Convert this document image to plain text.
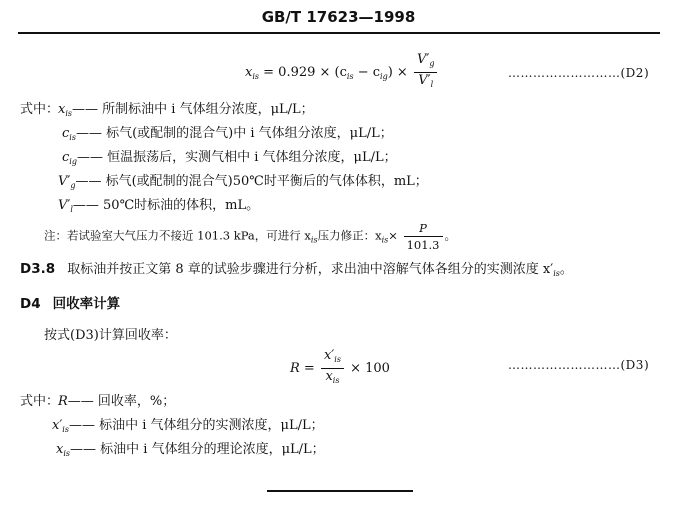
GB/T 17623—1998
$x_{is} = 0.929 \times (c_{is} - c_{ig}) \times \frac{V'_g}{V'_l}$	………………………(D2)
式中：
$x_{is}——$ 所制标油中 i 气体组分浓度，μL/L；
$c_{is}——$ 标气(或配制的混合气)中 i 气体组分浓度，μL/L；
$c_{ig}——$ 恒温振荡后，实测气相中 i 气体组分浓度，μL/L；
$V'_g——$ 标气(或配制的混合气)50℃时平衡后的气体体积，mL；
$V'_l——$ 50℃时标油的体积，mL。
注：若试验室大气压力不接近 101.3 kPa，可进行 $x_{is}$压力修正：$x_{is}\times \frac{P}{101.3}$ 。
D3.8 取标油并按正文第 8 章的试验步骤进行分析，求出油中溶解气体各组分的实测浓度 $x'_{is}$。
D4 回收率计算
按式(D3)计算回收率：
$R = \frac{x'_{is}}{x_{is}} \times 100$	………………………(D3)
式中：
R—— 回收率，%；
$x'_{is}——$ 标油中 i 气体组分的实测浓度，μL/L；
$x_{is}——$ 标油中 i 气体组分的理论浓度，μL/L；
